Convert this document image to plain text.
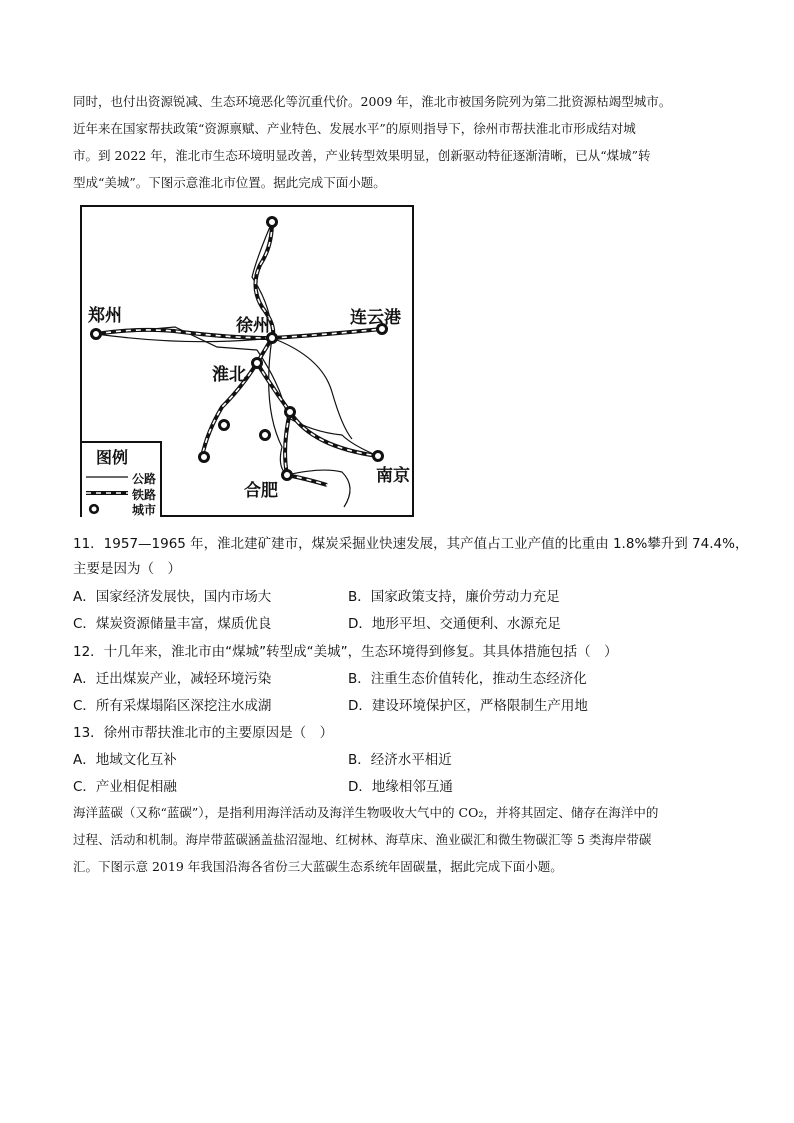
同时，也付出资源锐减、生态环境恶化等沉重代价。2009 年，淮北市被国务院列为第二批资源枯竭型城市。

近年来在国家帮扶政策“资源禀赋、产业特色、发展水平”的原则指导下，徐州市帮扶淮北市形成结对城

市。到 2022 年，淮北市生态环境明显改善，产业转型效果明显，创新驱动特征逐渐清晰，已从“煤城”转

型成“美城”。下图示意淮北市位置。据此完成下面小题。

郑州	徐州	连云港
淮北
南京
合肥
图例
公路
铁路
城市
11．1957—1965 年，淮北建矿建市，煤炭采掘业快速发展，其产值占工业产值的比重由 1.8%攀升到 74.4%，
主要是因为（　）
A．国家经济发展快，国内市场大	B．国家政策支持，廉价劳动力充足
C．煤炭资源储量丰富，煤质优良	D．地形平坦、交通便利、水源充足
12．十几年来，淮北市由“煤城”转型成“美城”，生态环境得到修复。其具体措施包括（　）
A．迁出煤炭产业，减轻环境污染	B．注重生态价值转化，推动生态经济化
C．所有采煤塌陷区深挖注水成湖	D．建设环境保护区，严格限制生产用地
13．徐州市帮扶淮北市的主要原因是（　）
A．地域文化互补	B．经济水平相近
C．产业相促相融	D．地缘相邻互通

海洋蓝碳（又称“蓝碳”），是指利用海洋活动及海洋生物吸收大气中的 CO₂，并将其固定、储存在海洋中的

过程、活动和机制。海岸带蓝碳涵盖盐沼湿地、红树林、海草床、渔业碳汇和微生物碳汇等 5 类海岸带碳

汇。下图示意 2019 年我国沿海各省份三大蓝碳生态系统年固碳量，据此完成下面小题。
